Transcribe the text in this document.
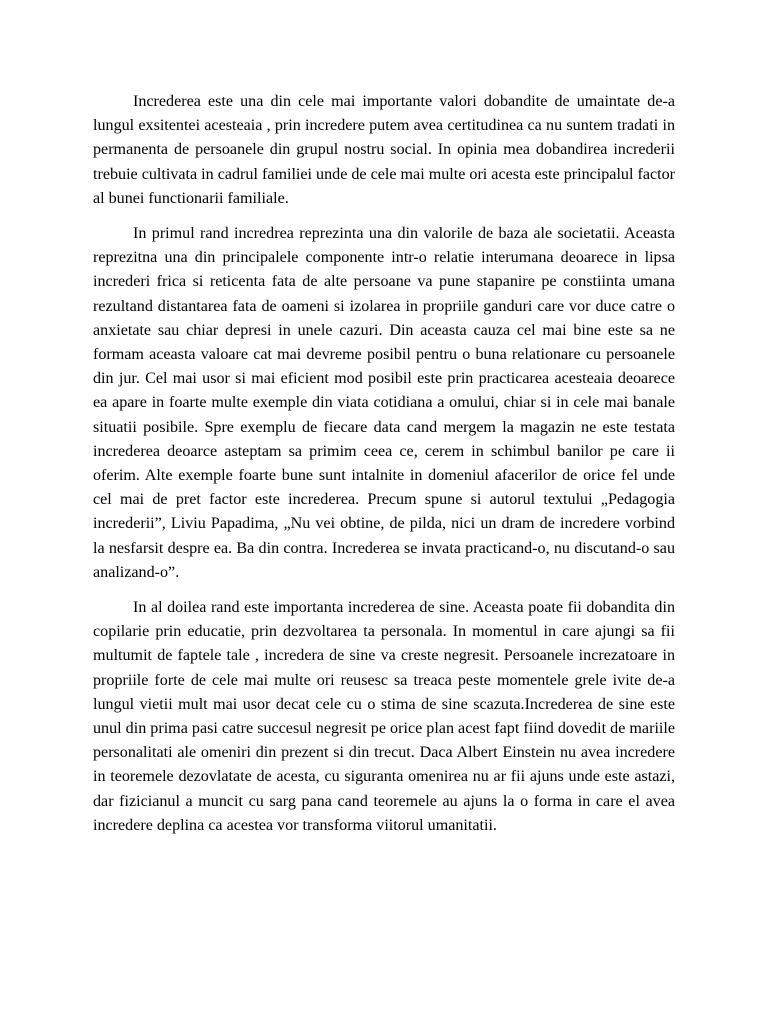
Increderea este una din cele mai importante valori dobandite de umaintate de-a lungul exsitentei acesteaia , prin incredere putem avea certitudinea ca nu suntem tradati in permanenta de persoanele din grupul nostru social. In opinia mea dobandirea increderii trebuie cultivata in cadrul familiei unde de cele mai multe ori acesta este principalul factor al bunei functionarii familiale.

In primul rand incredrea reprezinta una din valorile de baza ale societatii. Aceasta reprezitna una din principalele componente intr-o relatie interumana deoarece in lipsa increderi frica si reticenta fata de alte persoane va pune stapanire pe constiinta umana rezultand distantarea fata de oameni si izolarea in propriile ganduri care vor duce catre o anxietate sau chiar depresi in unele cazuri. Din aceasta cauza cel mai bine este sa ne formam aceasta valoare cat mai devreme posibil pentru o buna relationare cu persoanele din jur. Cel mai usor si mai eficient mod posibil este prin practicarea acesteaia deoarece ea apare in foarte multe exemple din viata cotidiana a omului, chiar si in cele mai banale situatii posibile. Spre exemplu de fiecare data cand mergem la magazin ne este testata increderea deoarce asteptam sa primim ceea ce, cerem in schimbul banilor pe care ii oferim. Alte exemple foarte bune sunt intalnite in domeniul afacerilor de orice fel unde cel mai de pret factor este increderea. Precum spune si autorul textului „Pedagogia increderii”, Liviu Papadima, „Nu vei obtine, de pilda, nici un dram de incredere vorbind la nesfarsit despre ea. Ba din contra. Increderea se invata practicand-o, nu discutand-o sau analizand-o”.

In al doilea rand este importanta increderea de sine. Aceasta poate fii dobandita din copilarie prin educatie, prin dezvoltarea ta personala. In momentul in care ajungi sa fii multumit de faptele tale , incredera de sine va creste negresit. Persoanele increzatoare in propriile forte de cele mai multe ori reusesc sa treaca peste momentele grele ivite de-a lungul vietii mult mai usor decat cele cu o stima de sine scazuta.Increderea de sine este unul din prima pasi catre succesul negresit pe orice plan acest fapt fiind dovedit de mariile personalitati ale omeniri din prezent si din trecut. Daca Albert Einstein nu avea incredere in teoremele dezovlatate de acesta, cu siguranta omenirea nu ar fii ajuns unde este astazi, dar fizicianul a muncit cu sarg pana cand teoremele au ajuns la o forma in care el avea incredere deplina ca acestea vor transforma viitorul umanitatii.
